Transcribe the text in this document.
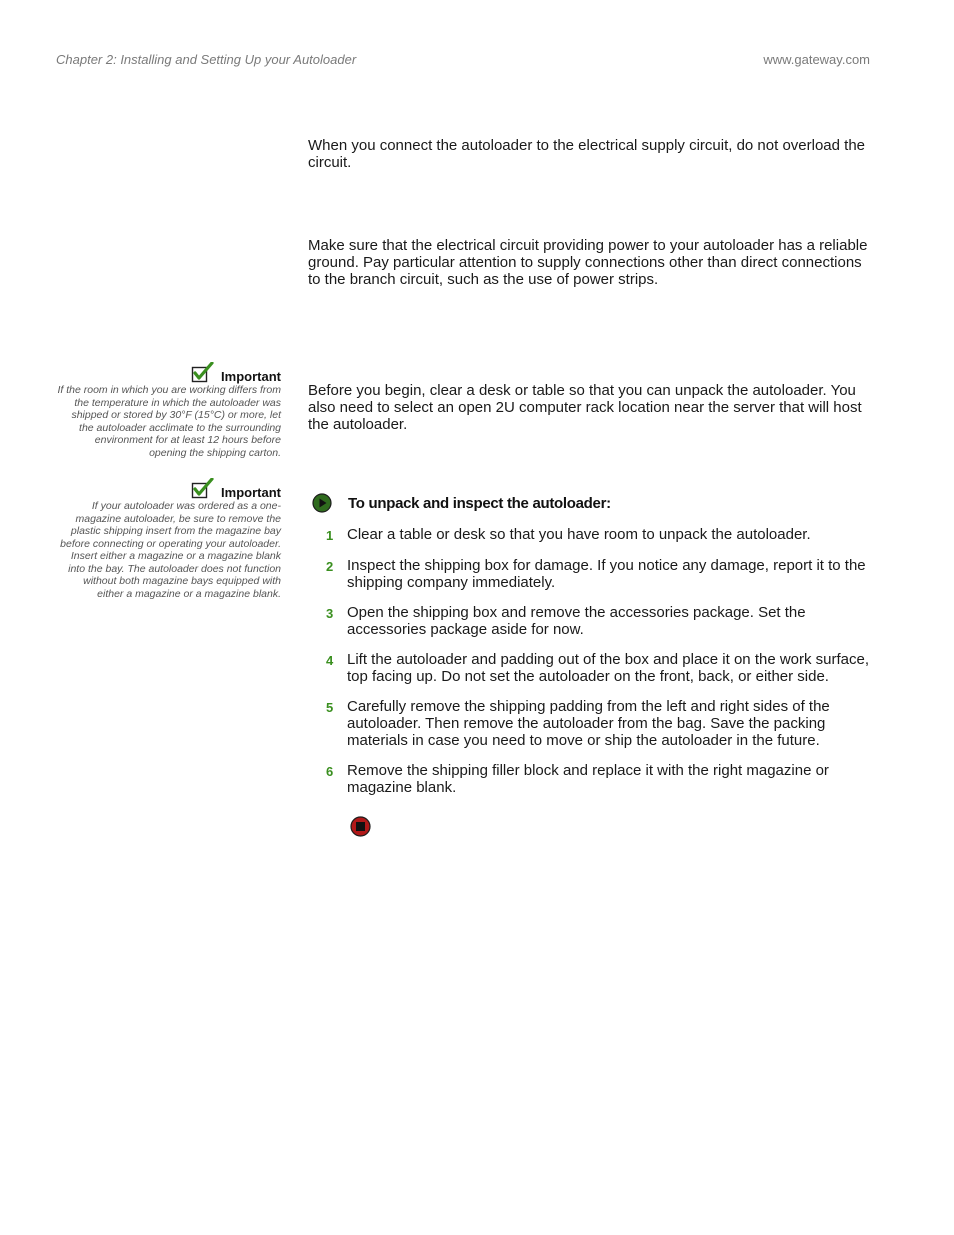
Chapter 2: Installing and Setting Up your Autoloader	www.gateway.com

When you connect the autoloader to the electrical supply circuit, do not overload the circuit.

Make sure that the electrical circuit providing power to your autoloader has a reliable ground. Pay particular attention to supply connections other than direct connections to the branch circuit, such as the use of power strips.

Before you begin, clear a desk or table so that you can unpack the autoloader. You also need to select an open 2U computer rack location near the server that will host the autoloader.

Important
If the room in which you are working differs from the temperature in which the autoloader was shipped or stored by 30°F (15°C) or more, let the autoloader acclimate to the surrounding environment for at least 12 hours before opening the shipping carton.
Important
If your autoloader was ordered as a one-magazine autoloader, be sure to remove the plastic shipping insert from the magazine bay before connecting or operating your autoloader. Insert either a magazine or a magazine blank into the bay. The autoloader does not function without both magazine bays equipped with either a magazine or a magazine blank.
To unpack and inspect the autoloader:
1 Clear a table or desk so that you have room to unpack the autoloader.
2 Inspect the shipping box for damage. If you notice any damage, report it to the shipping company immediately.
3 Open the shipping box and remove the accessories package. Set the accessories package aside for now.
4 Lift the autoloader and padding out of the box and place it on the work surface, top facing up. Do not set the autoloader on the front, back, or either side.
5 Carefully remove the shipping padding from the left and right sides of the autoloader. Then remove the autoloader from the bag. Save the packing materials in case you need to move or ship the autoloader in the future.
6 Remove the shipping filler block and replace it with the right magazine or magazine blank.
